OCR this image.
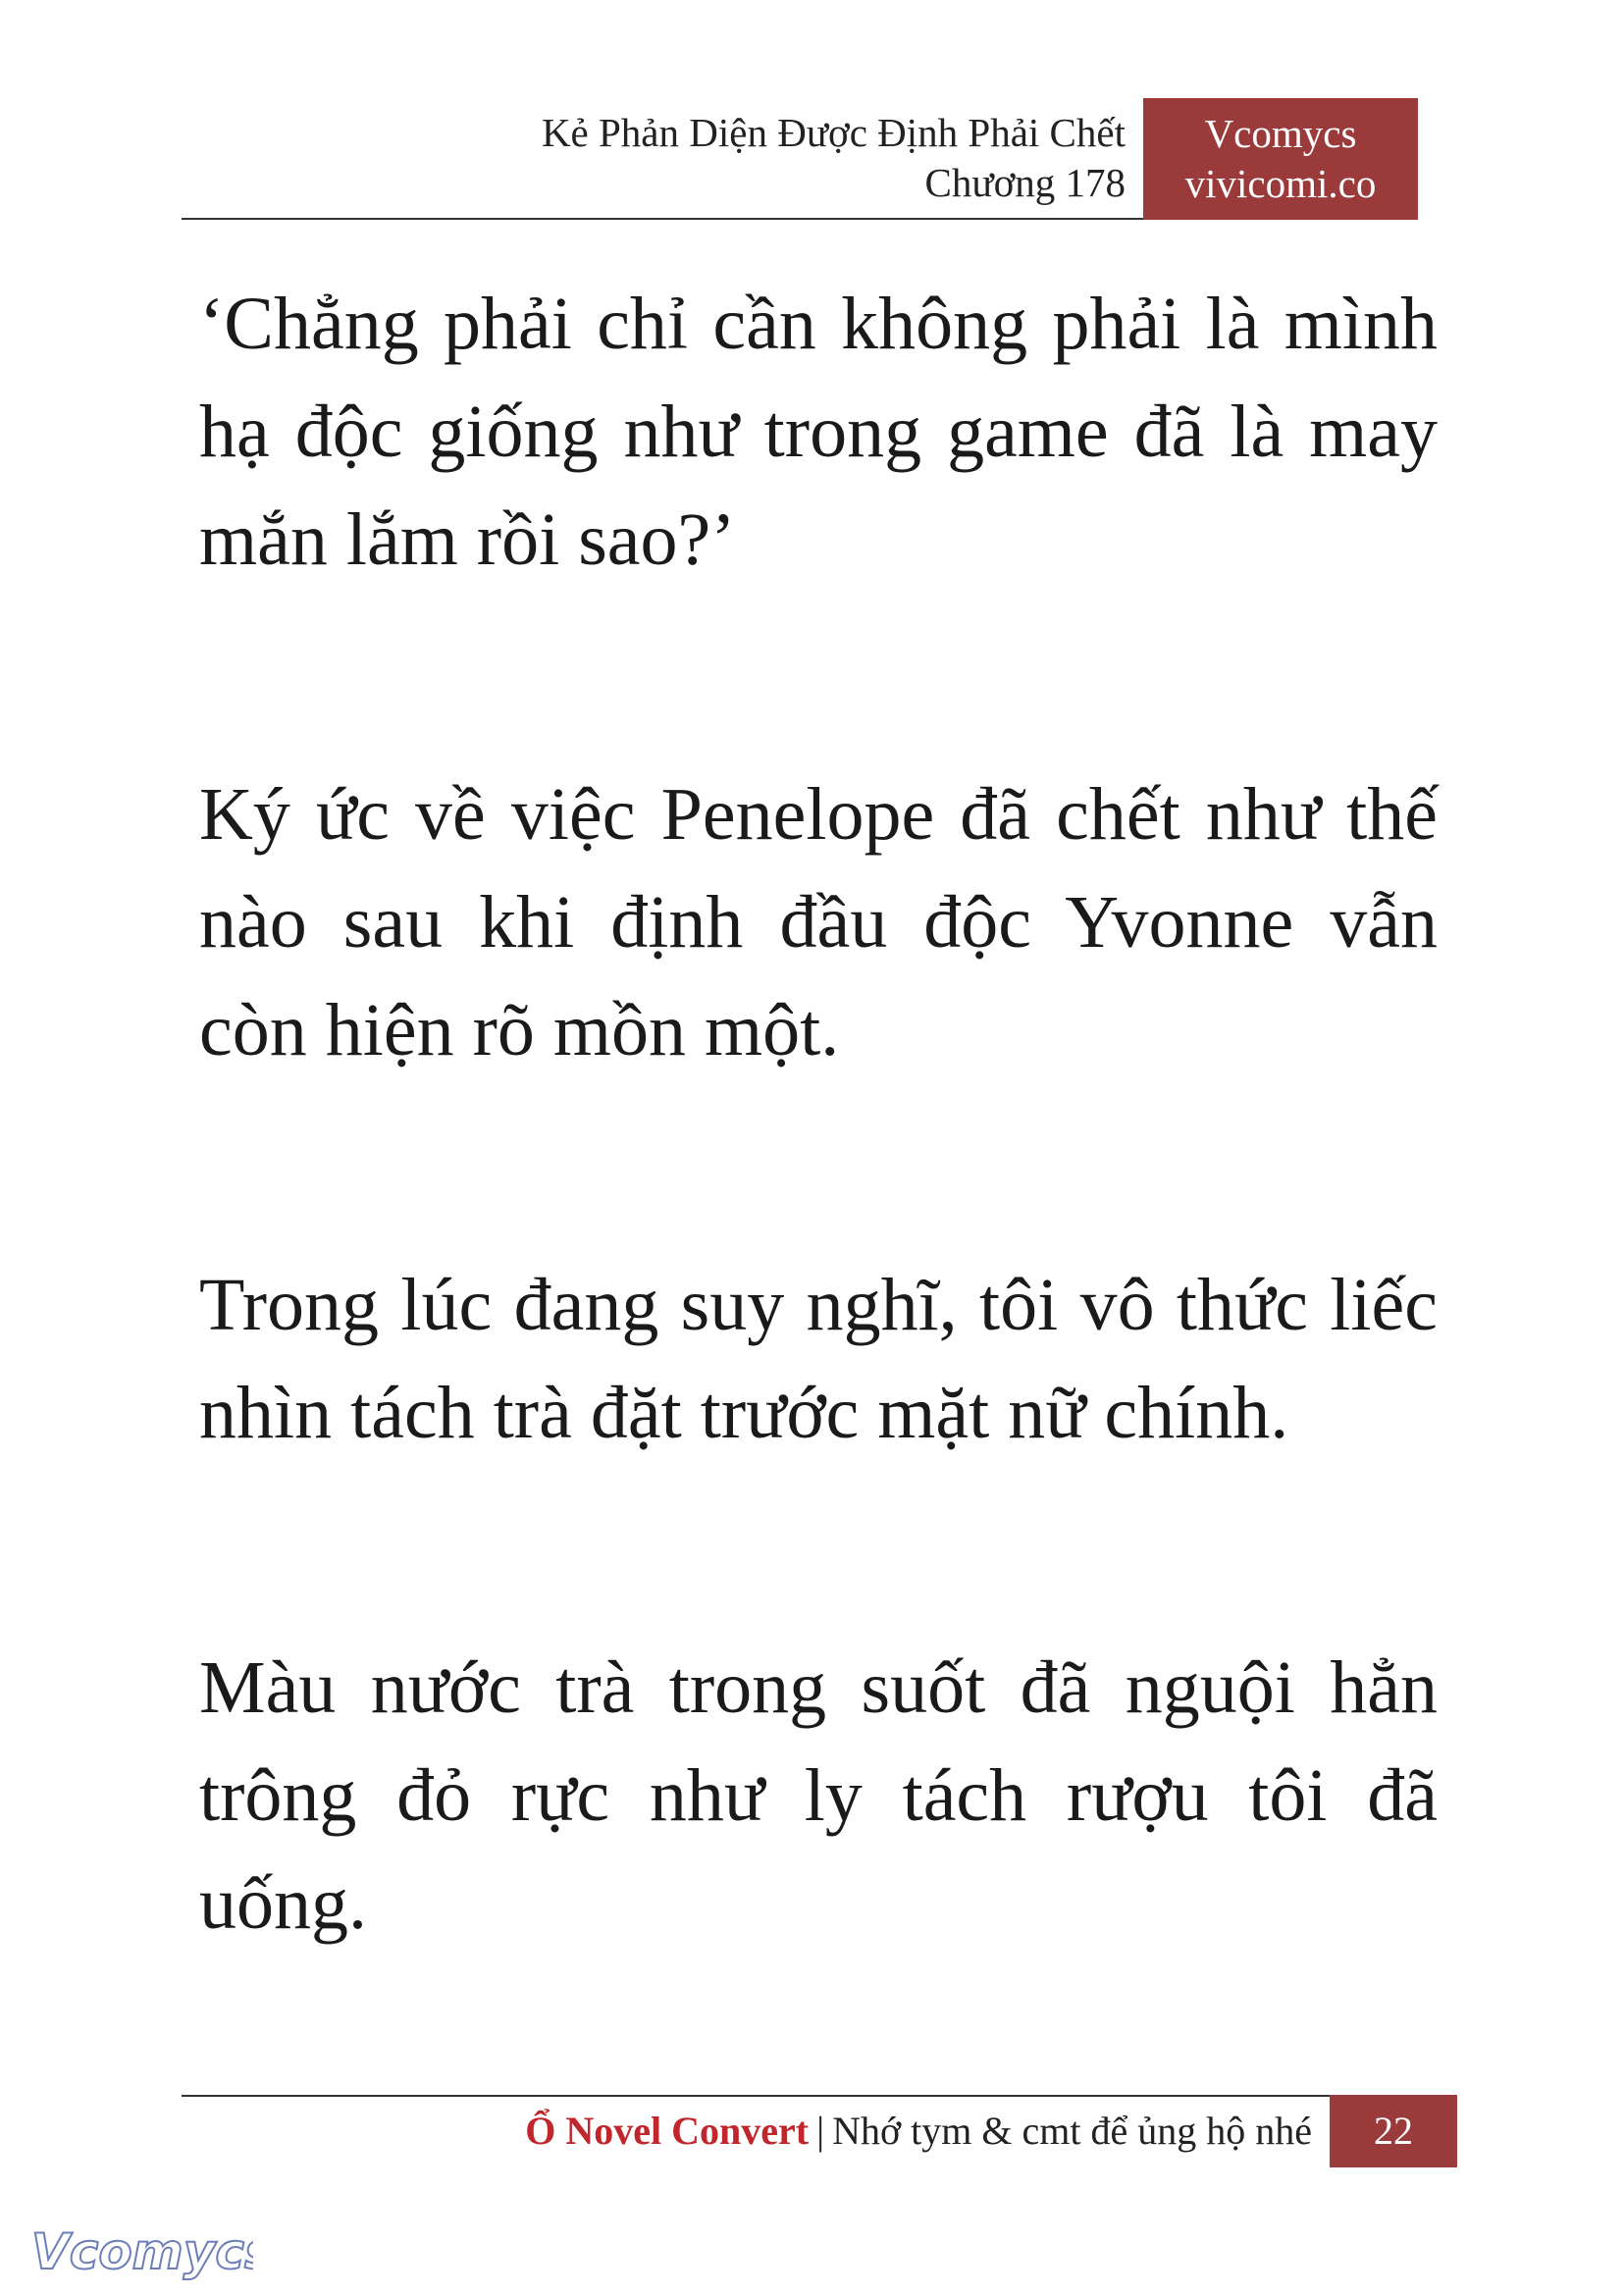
Kẻ Phản Diện Được Định Phải Chết
Chương 178
Vcomycs
vivicomi.co

‘Chẳng phải chỉ cần không phải là mình hạ độc giống như trong game đã là may mắn lắm rồi sao?’

Ký ức về việc Penelope đã chết như thế nào sau khi định đầu độc Yvonne vẫn còn hiện rõ mồn một.

Trong lúc đang suy nghĩ, tôi vô thức liếc nhìn tách trà đặt trước mặt nữ chính.

Màu nước trà trong suốt đã nguội hẳn trông đỏ rực như ly tách rượu tôi đã uống.

Ổ Novel Convert | Nhớ tym & cmt để ủng hộ nhé	22
Vcomycs
